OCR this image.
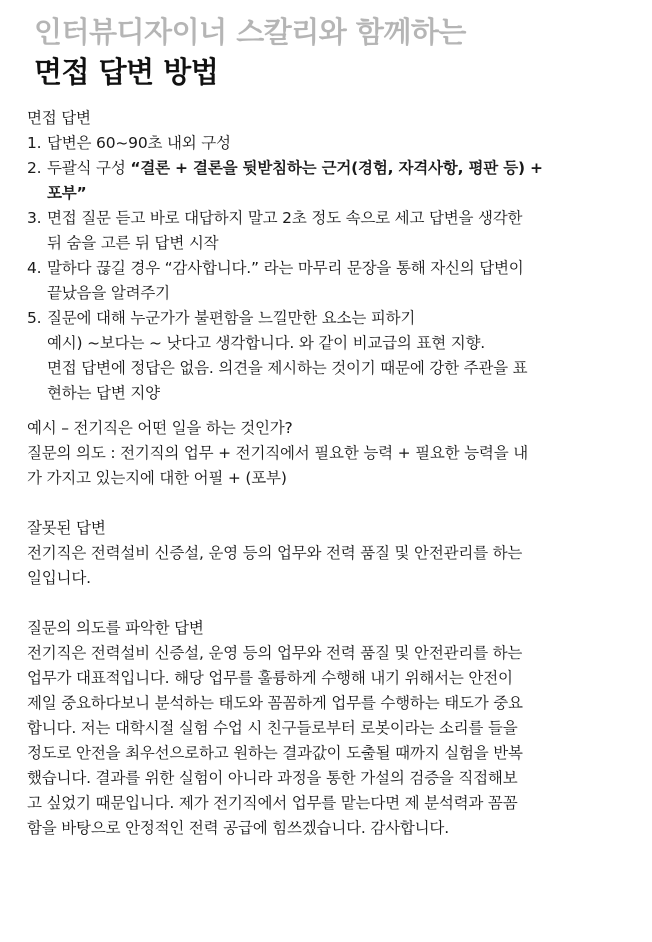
인터뷰디자이너 스칼리와 함께하는
면접 답변 방법
면접 답변
1. 답변은 60~90초 내외 구성
2. 두괄식 구성 “결론 + 결론을 뒷받침하는 근거(경험, 자격사항, 평판 등) +
포부”
3. 면접 질문 듣고 바로 대답하지 말고 2초 정도 속으로 세고 답변을 생각한
뒤 숨을 고른 뒤 답변 시작
4. 말하다 끊길 경우 “감사합니다.” 라는 마무리 문장을 통해 자신의 답변이
끝났음을 알려주기
5. 질문에 대해 누군가가 불편함을 느낄만한 요소는 피하기
예시) ~보다는 ~ 낫다고 생각합니다. 와 같이 비교급의 표현 지향.
면접 답변에 정답은 없음. 의견을 제시하는 것이기 때문에 강한 주관을 표
현하는 답변 지양
예시 – 전기직은 어떤 일을 하는 것인가?
질문의 의도 : 전기직의 업무 + 전기직에서 필요한 능력 + 필요한 능력을 내
가 가지고 있는지에 대한 어필 + (포부)
잘못된 답변
전기직은 전력설비 신증설, 운영 등의 업무와 전력 품질 및 안전관리를 하는
일입니다.
질문의 의도를 파악한 답변
전기직은 전력설비 신증설, 운영 등의 업무와 전력 품질 및 안전관리를 하는
업무가 대표적입니다. 해당 업무를 훌륭하게 수행해 내기 위해서는 안전이
제일 중요하다보니 분석하는 태도와 꼼꼼하게 업무를 수행하는 태도가 중요
합니다. 저는 대학시절 실험 수업 시 친구들로부터 로봇이라는 소리를 들을
정도로 안전을 최우선으로하고 원하는 결과값이 도출될 때까지 실험을 반복
했습니다. 결과를 위한 실험이 아니라 과정을 통한 가설의 검증을 직접해보
고 싶었기 때문입니다. 제가 전기직에서 업무를 맡는다면 제 분석력과 꼼꼼
함을 바탕으로 안정적인 전력 공급에 힘쓰겠습니다. 감사합니다.
